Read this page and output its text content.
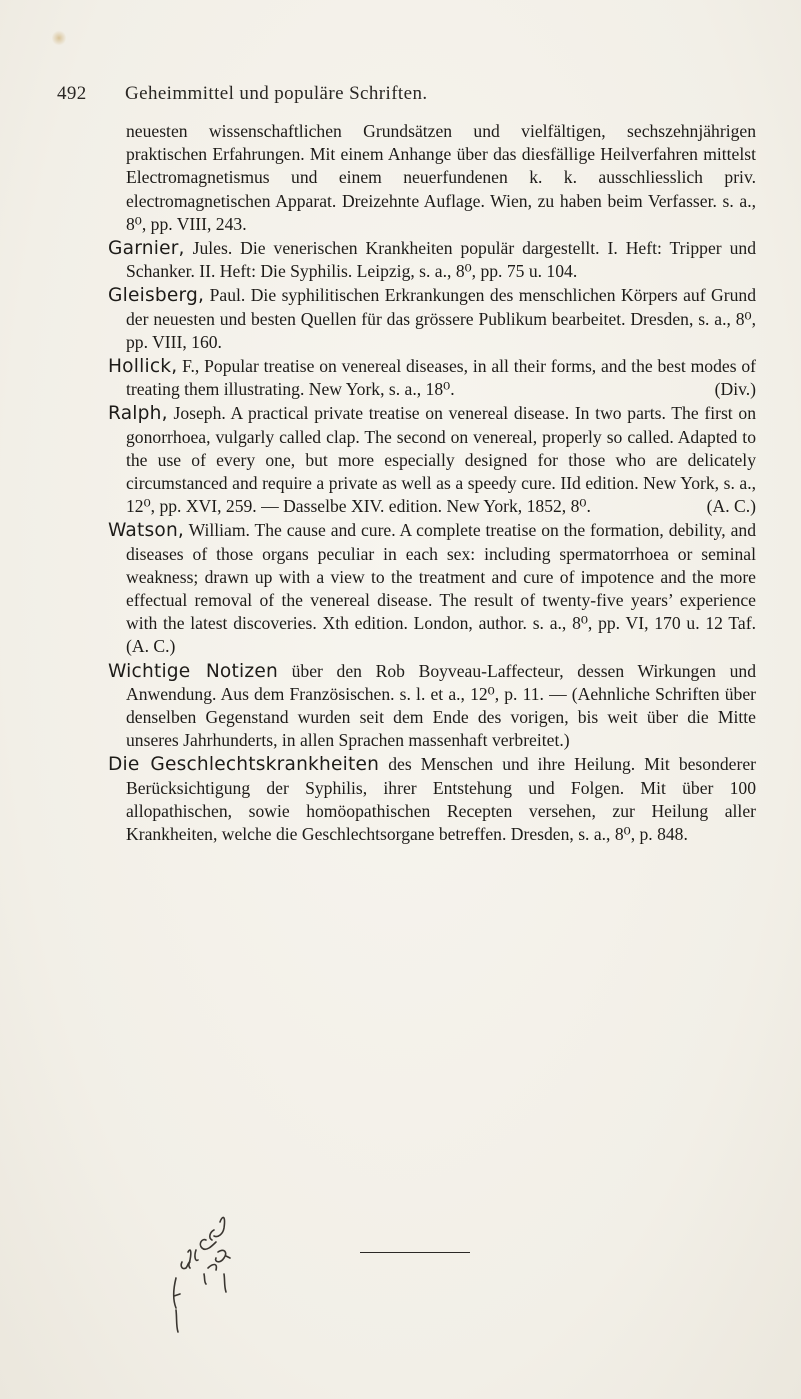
492 Geheimmittel und populäre Schriften.

neuesten wissenschaftlichen Grundsätzen und vielfältigen, sechszehnjährigen praktischen Erfahrungen. Mit einem Anhange über das diesfällige Heilverfahren mittelst Electromagnetismus und einem neuerfundenen k. k. ausschliesslich priv. electromagnetischen Apparat. Dreizehnte Auflage. Wien, zu haben beim Verfasser. s. a., 8⁰, pp. VIII, 243.

Garnier, Jules. Die venerischen Krankheiten populär dargestellt. I. Heft: Tripper und Schanker. II. Heft: Die Syphilis. Leipzig, s. a., 8⁰, pp. 75 u. 104.

Gleisberg, Paul. Die syphilitischen Erkrankungen des menschlichen Körpers auf Grund der neuesten und besten Quellen für das grössere Publikum bearbeitet. Dresden, s. a., 8⁰, pp. VIII, 160.

Hollick, F., Popular treatise on venereal diseases, in all their forms, and the best modes of treating them illustrating. New York, s. a., 18⁰.	(Div.)

Ralph, Joseph. A practical private treatise on venereal disease. In two parts. The first on gonorrhoea, vulgarly called clap. The second on venereal, properly so called. Adapted to the use of every one, but more especially designed for those who are delicately circumstanced and require a private as well as a speedy cure. IId edition. New York, s. a., 12⁰, pp. XVI, 259. — Dasselbe XIV. edition. New York, 1852, 8⁰.	(A. C.)

Watson, William. The cause and cure. A complete treatise on the formation, debility, and diseases of those organs peculiar in each sex: including spermatorrhoea or seminal weakness; drawn up with a view to the treatment and cure of impotence and the more effectual removal of the venereal disease. The result of twenty-five years’ experience with the latest discoveries. Xth edition. London, author. s. a., 8⁰, pp. VI, 170 u. 12 Taf. (A. C.)

Wichtige Notizen über den Rob Boyveau-Laffecteur, dessen Wirkungen und Anwendung. Aus dem Französischen. s. l. et a., 12⁰, p. 11. — (Aehnliche Schriften über denselben Gegenstand wurden seit dem Ende des vorigen, bis weit über die Mitte unseres Jahrhunderts, in allen Sprachen massenhaft verbreitet.)

Die Geschlechtskrankheiten des Menschen und ihre Heilung. Mit besonderer Berücksichtigung der Syphilis, ihrer Entstehung und Folgen. Mit über 100 allopathischen, sowie homöopathischen Recepten versehen, zur Heilung aller Krankheiten, welche die Geschlechtsorgane betreffen. Dresden, s. a., 8⁰, p. 848.
